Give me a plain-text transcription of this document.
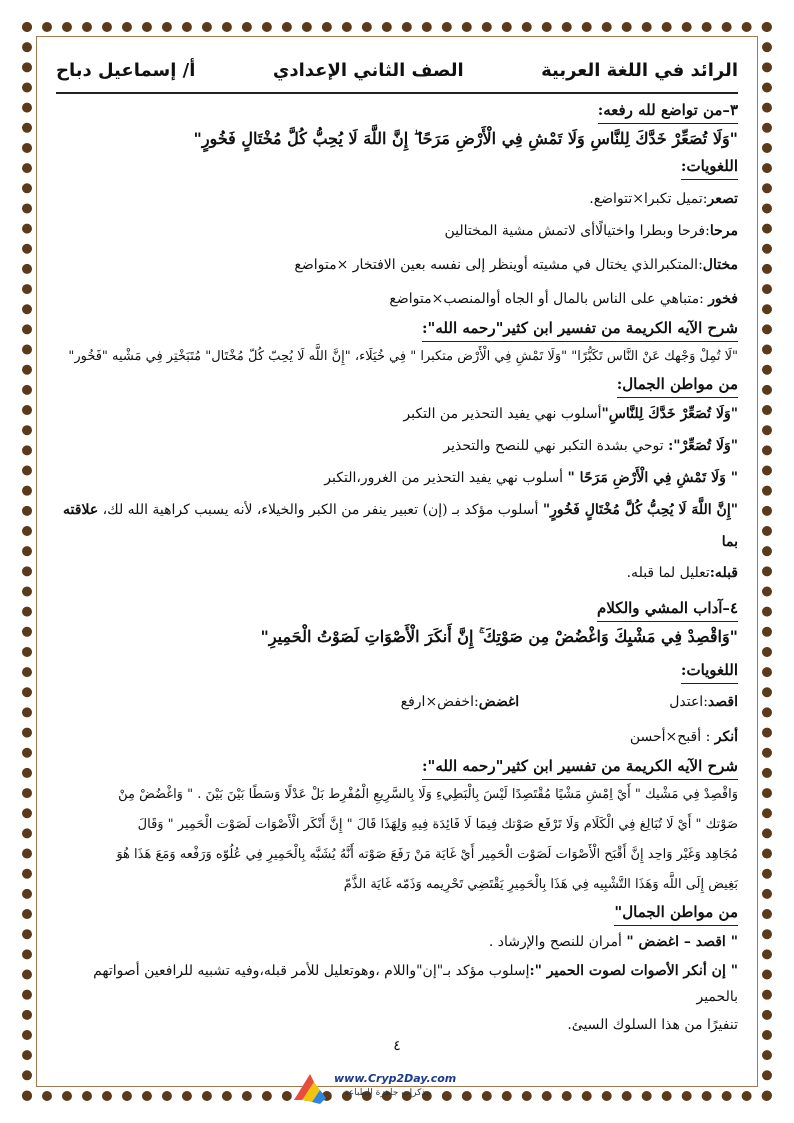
الرائد في اللغة العربية
الصف الثاني الإعدادي
أ/ إسماعيل دباح
٣–من تواضع لله رفعه:
"وَلَا تُصَعِّرْ خَدَّكَ لِلنَّاسِ وَلَا تَمْشِ فِي الْأَرْضِ مَرَحًا ۖ إِنَّ اللَّهَ لَا يُحِبُّ كُلَّ مُخْتَالٍ فَخُورٍ"
اللغويات:

تصعر:تميل تكبرا×تتواضع.

مرحا:فرحا وبطرا واختيالًاأى لاتمش مشية المختالين

مختال:المتكبرالذي يختال في مشيته أوينظر إلى نفسه بعين الافتخار ×متواضع

فخور :متباهي على الناس بالمال أو الجاه أوالمنصب×متواضع

شرح الآيه الكريمة من تفسير ابن كثير"رحمه الله":

"لَا تُمِلْ وَجْهك عَنْ النَّاس تَكَبُّرًا" "وَلَا تَمْشِ فِي الْأَرْض متكبرا " فِي خُيَلَاء، "إِنَّ اللَّه لَا يُحِبّ كُلّ مُخْتَال" مُتَبَخْتِر فِي مَشْيه "فَخُور"

من مواطن الجمال:

"وَلَا تُصَعِّرْ خَدَّكَ لِلنَّاسِ"أسلوب نهي يفيد التحذير من التكبر

"وَلَا تُصَعِّرْ": توحي بشدة التكبر نهي للنصح والتحذير

" وَلَا تَمْشِ فِي الْأَرْضِ مَرَحًا " أسلوب نهي يفيد التحذير من الغرور،التكبر

"إِنَّ اللَّهَ لَا يُحِبُّ كُلَّ مُخْتَالٍ فَخُورٍ" أسلوب مؤكد بـ (إن) تعبير ينفر من الكبر والخيلاء، لأنه يسبب كراهية الله لك، علاقته بما

قبله:تعليل لما قبله.

٤–آداب المشي والكلام
"وَاقْصِدْ فِي مَشْيِكَ وَاغْضُضْ مِن صَوْتِكَ ۚ إِنَّ أَنكَرَ الْأَصْوَاتِ لَصَوْتُ الْحَمِيرِ"
اللغويات:
اقصد:اعتدل
اغضض:اخفض×ارفع

أنكر : أقبح×أحسن

شرح الآيه الكريمة من تفسير ابن كثير"رحمه الله":

وَاقْصِدْ فِي مَشْيك " أَيْ اِمْشِ مَشْيًا مُقْتَصِدًا لَيْسَ بِالْبَطِيءِ وَلَا بِالسَّرِيعِ الْمُفْرِط بَلْ عَدْلًا وَسَطًا بَيْنَ بَيْنَ . " وَاغْضُضْ مِنْ

صَوْتك " أَيْ لَا تُبَالِغ فِي الْكَلَام وَلَا تَرْفَع صَوْتك فِيمَا لَا فَائِدَة فِيهِ وَلِهَذَا قَالَ " إِنَّ أَنْكَر الْأَصْوَات لَصَوْت الْحَمِير " وَقَالَ

مُجَاهِد وَغَيْر وَاحِد إِنَّ أَقْبَح الْأَصْوَات لَصَوْت الْحَمِير أَيْ غَايَة مَنْ رَفَعَ صَوْته أَنَّهُ يُشَبَّه بِالْحَمِيرِ فِي عُلُوّه وَرَفْعه وَمَعَ هَذَا هُوَ

بَغِيض إِلَى اللَّه وَهَذَا التَّشْبِيه فِي هَذَا بِالْحَمِيرِ يَقْتَضِي تَحْرِيمه وَذَمّه غَايَة الذَّمّ

من مواطن الجمال"

" اقصد – اغضض " أمران للنصح والإرشاد .

" إن أنكر الأصوات لصوت الحمير ":إسلوب مؤكد بـ"إن"واللام ،وهوتعليل للأمر قبله،وفيه تشبيه للرافعين أصواتهم بالحمير

تنفيرًا من هذا السلوك السيئ.

٤
www.Cryp2Day.com
مذكرات جاهزة للطباعة
